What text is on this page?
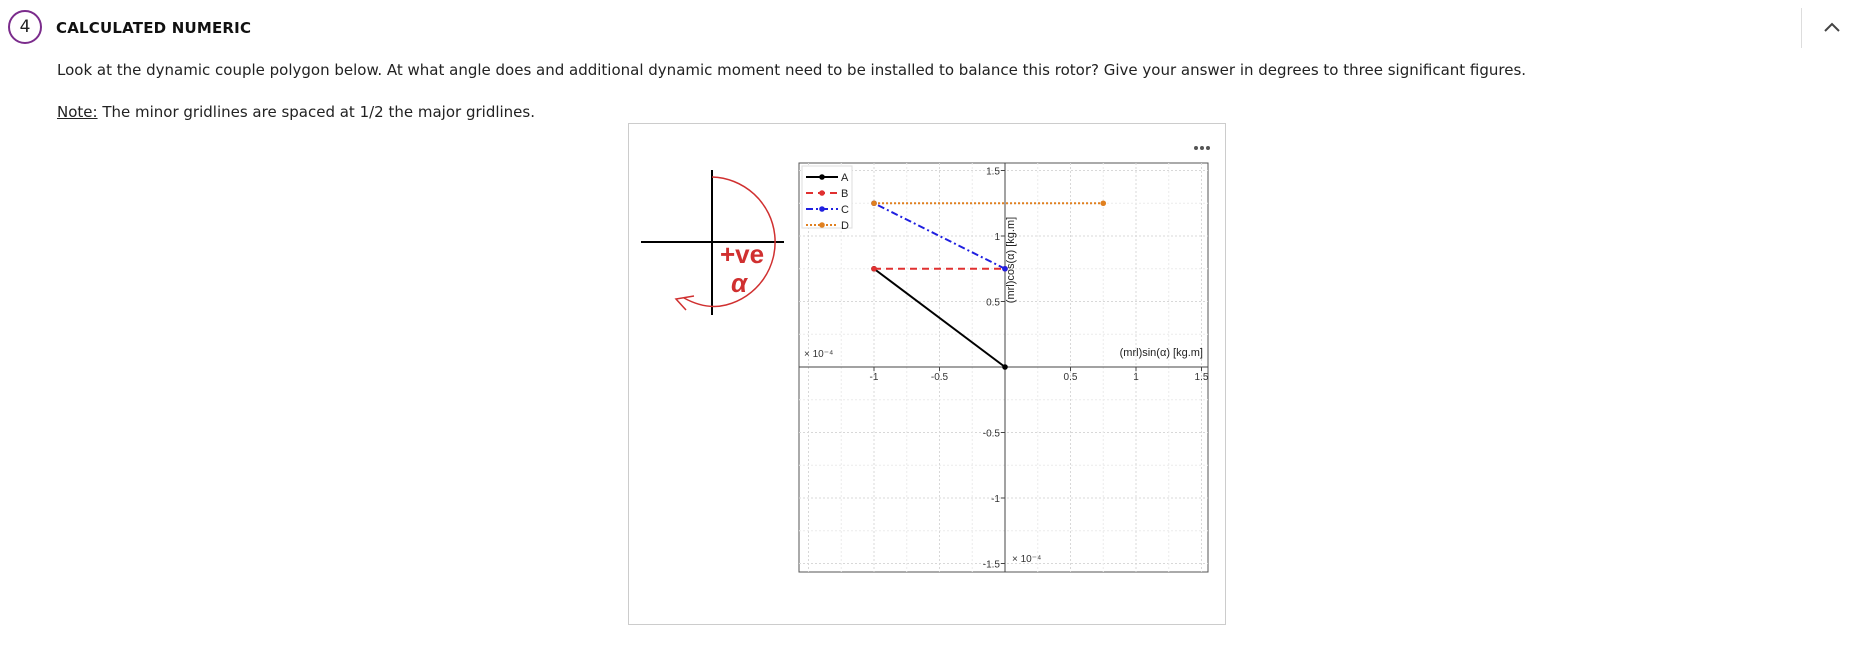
4 CALCULATED NUMERIC
Look at the dynamic couple polygon below. At what angle does and additional dynamic moment need to be installed to balance this rotor? Give your answer in degrees to three significant figures.
Note: The minor gridlines are spaced at 1/2 the major gridlines.
+ve
α
-1	-0.5	0.5	1	1.5
1.5
1
0.5
-0.5
-1
-1.5
A
B
C
D
× 10⁻⁴
× 10⁻⁴
(mrl)sin(α) [kg.m]
(mrl)cos(α) [kg.m]
